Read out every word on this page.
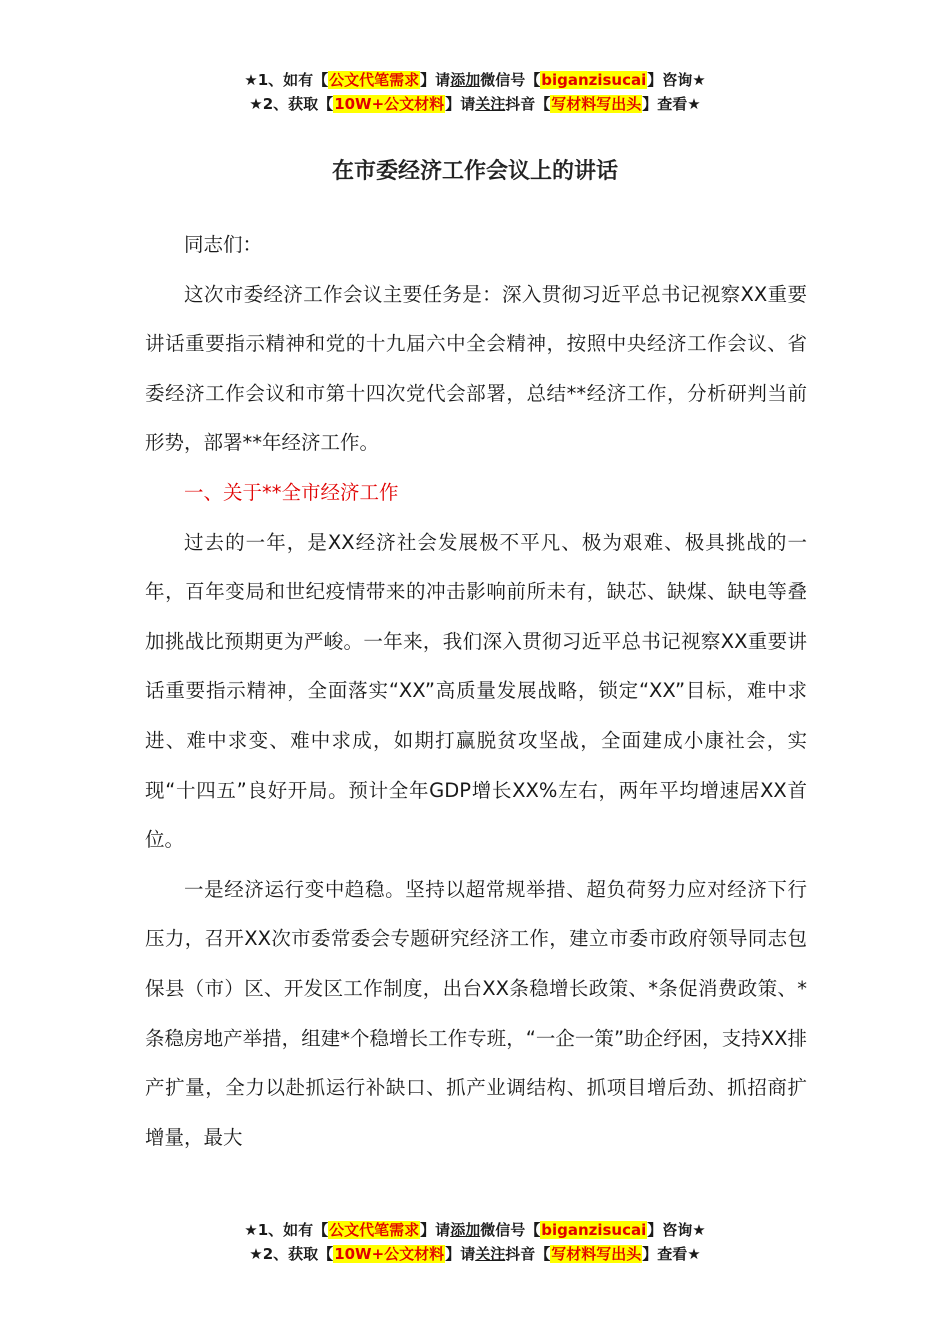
★1、如有【公文代笔需求】请添加微信号【biganzisucai】咨询★
★2、获取【10W+公文材料】请关注抖音【写材料写出头】查看★
在市委经济工作会议上的讲话

同志们：

这次市委经济工作会议主要任务是：深入贯彻习近平总书记视察XX重要讲话重要指示精神和党的十九届六中全会精神，按照中央经济工作会议、省委经济工作会议和市第十四次党代会部署，总结**经济工作，分析研判当前形势，部署**年经济工作。

一、关于**全市经济工作

过去的一年，是XX经济社会发展极不平凡、极为艰难、极具挑战的一年，百年变局和世纪疫情带来的冲击影响前所未有，缺芯、缺煤、缺电等叠加挑战比预期更为严峻。一年来，我们深入贯彻习近平总书记视察XX重要讲话重要指示精神，全面落实“XX”高质量发展战略，锁定“XX”目标，难中求进、难中求变、难中求成，如期打赢脱贫攻坚战，全面建成小康社会，实现“十四五”良好开局。预计全年GDP增长XX%左右，两年平均增速居XX首位。

一是经济运行变中趋稳。坚持以超常规举措、超负荷努力应对经济下行压力，召开XX次市委常委会专题研究经济工作，建立市委市政府领导同志包保县（市）区、开发区工作制度，出台XX条稳增长政策、*条促消费政策、*条稳房地产举措，组建*个稳增长工作专班，“一企一策”助企纾困，支持XX排产扩量，全力以赴抓运行补缺口、抓产业调结构、抓项目增后劲、抓招商扩增量，最大

★1、如有【公文代笔需求】请添加微信号【biganzisucai】咨询★
★2、获取【10W+公文材料】请关注抖音【写材料写出头】查看★
